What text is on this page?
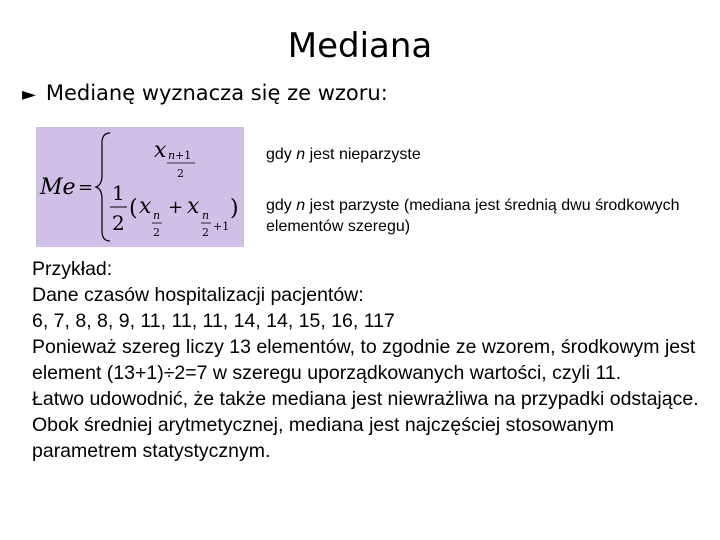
Mediana
► Medianę wyznacza się ze wzoru:
Me =
x n +1
2
1
2
( x n
2
+ x n
2 +1
)
gdy n jest nieparzyste
gdy n jest parzyste (mediana jest średnią dwu środkowych elementów szeregu)

Przykład:

Dane czasów hospitalizacji pacjentów:

6, 7, 8, 8, 9, 11, 11, 11, 14, 14, 15, 16, 117

Ponieważ szereg liczy 13 elementów, to zgodnie ze wzorem, środkowym jest element (13+1)÷2=7 w szeregu uporządkowanych wartości, czyli 11.

Łatwo udowodnić, że także mediana jest niewrażliwa na przypadki odstające. Obok średniej arytmetycznej, mediana jest najczęściej stosowanym parametrem statystycznym.
